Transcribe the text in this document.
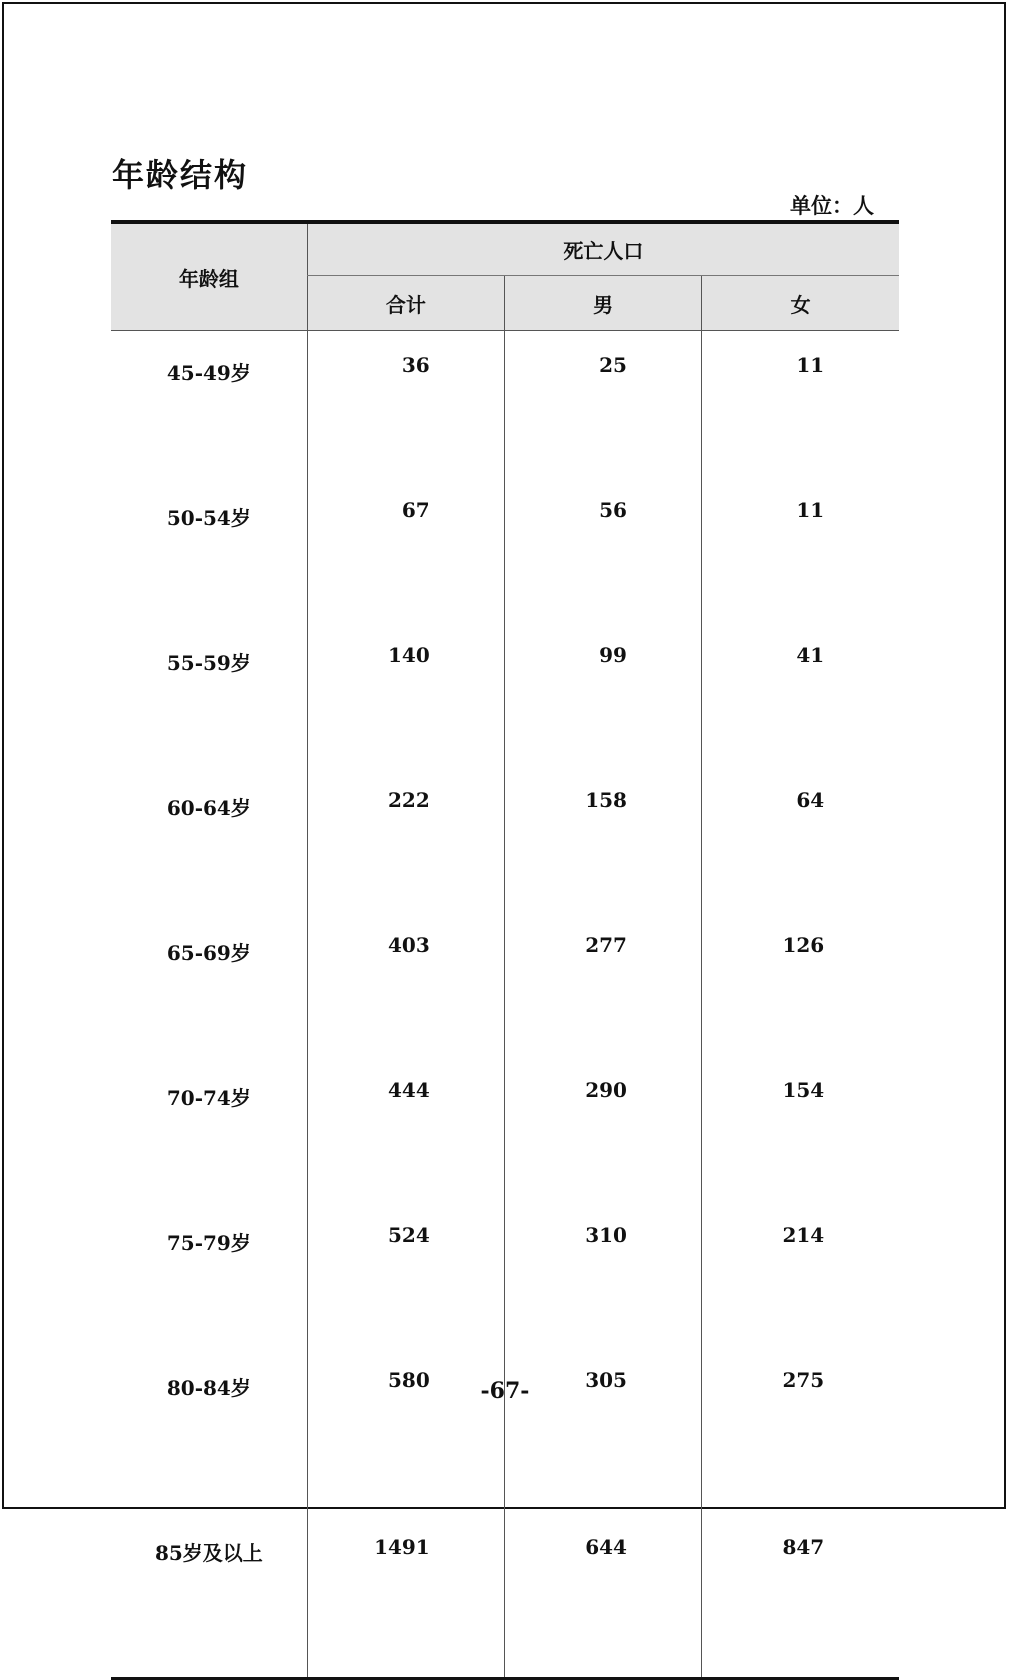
年龄结构
单位：人
年龄组	死亡人口		
	合计	男	女
45-49岁	36	25	11
50-54岁	67	56	11
55-59岁	140	99	41
60-64岁	222	158	64
65-69岁	403	277	126
70-74岁	444	290	154
75-79岁	524	310	214
80-84岁	580	305	275
85岁及以上	1491	644	847
-67-
